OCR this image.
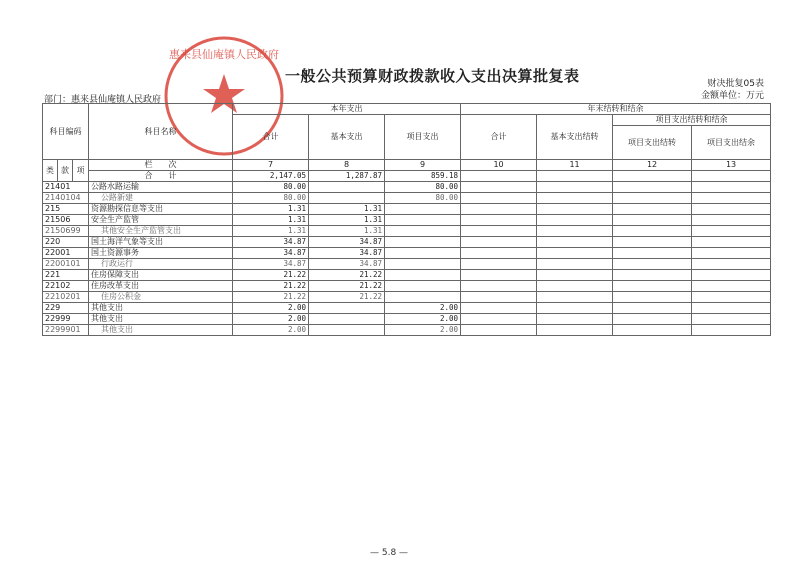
惠来县仙庵镇人民政府
一般公共预算财政拨款收入支出决算批复表	财决批复05表
金额单位：万元
部门：惠来县仙庵镇人民政府
科目编码			科目名称	本年支出			年末结转和结余			
				合计	基本支出	项目支出	合计	基本支出结转	项目支出结转和结余	
									项目支出结转	项目支出结余
类	款	项	栏　　次	7	8	9	10	11	12	13
			合　　计	2,147.05	1,287.87	859.18				
21401			公路水路运输	80.00		80.00				
2140104			公路新建	80.00		80.00				
215			资源勘探信息等支出	1.31	1.31					
21506			安全生产监管	1.31	1.31					
2150699			其他安全生产监管支出	1.31	1.31					
220			国土海洋气象等支出	34.87	34.87					
22001			国土资源事务	34.87	34.87					
2200101			行政运行	34.87	34.87					
221			住房保障支出	21.22	21.22					
22102			住房改革支出	21.22	21.22					
2210201			住房公积金	21.22	21.22					
229			其他支出	2.00		2.00				
22999			其他支出	2.00		2.00				
2299901			其他支出	2.00		2.00				
— 5.8 —
